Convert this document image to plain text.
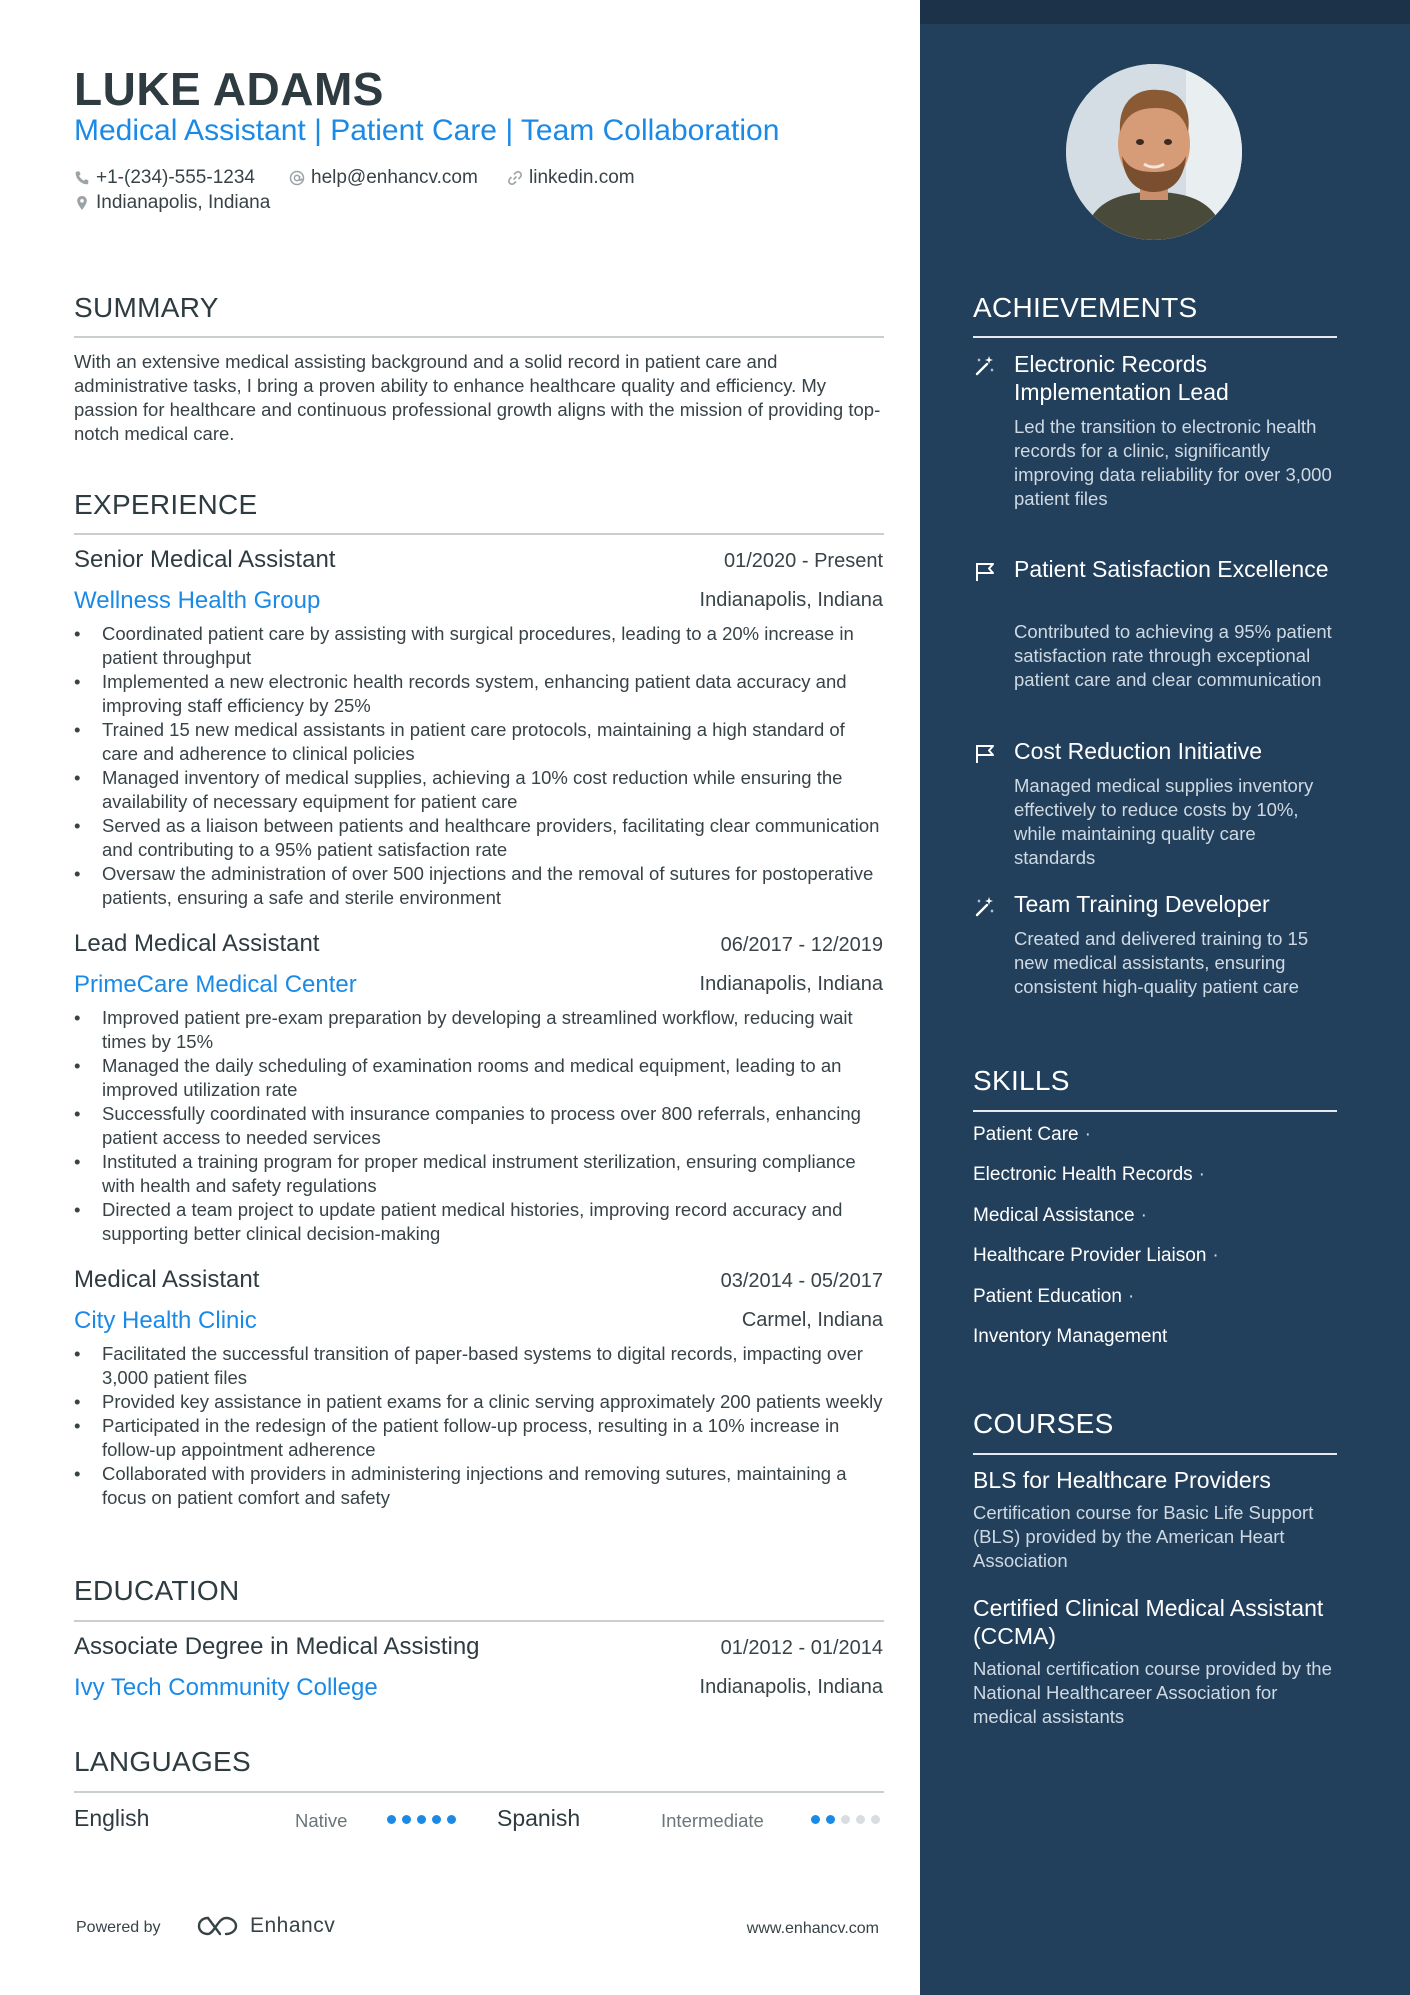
LUKE ADAMS
Medical Assistant | Patient Care | Team Collaboration
+1-(234)-555-1234	help@enhancv.com	linkedin.com
Indianapolis, Indiana
SUMMARY
With an extensive medical assisting background and a solid record in patient care and administrative tasks, I bring a proven ability to enhance healthcare quality and efficiency. My passion for healthcare and continuous professional growth aligns with the mission of providing top-notch medical care.
EXPERIENCE
Senior Medical Assistant	01/2020 - Present
Wellness Health Group	Indianapolis, Indiana
• Coordinated patient care by assisting with surgical procedures, leading to a 20% increase in patient throughput
• Implemented a new electronic health records system, enhancing patient data accuracy and improving staff efficiency by 25%
• Trained 15 new medical assistants in patient care protocols, maintaining a high standard of care and adherence to clinical policies
• Managed inventory of medical supplies, achieving a 10% cost reduction while ensuring the availability of necessary equipment for patient care
• Served as a liaison between patients and healthcare providers, facilitating clear communication and contributing to a 95% patient satisfaction rate
• Oversaw the administration of over 500 injections and the removal of sutures for postoperative patients, ensuring a safe and sterile environment
Lead Medical Assistant	06/2017 - 12/2019
PrimeCare Medical Center	Indianapolis, Indiana
• Improved patient pre-exam preparation by developing a streamlined workflow, reducing wait times by 15%
• Managed the daily scheduling of examination rooms and medical equipment, leading to an improved utilization rate
• Successfully coordinated with insurance companies to process over 800 referrals, enhancing patient access to needed services
• Instituted a training program for proper medical instrument sterilization, ensuring compliance with health and safety regulations
• Directed a team project to update patient medical histories, improving record accuracy and supporting better clinical decision-making
Medical Assistant	03/2014 - 05/2017
City Health Clinic	Carmel, Indiana
• Facilitated the successful transition of paper-based systems to digital records, impacting over 3,000 patient files
• Provided key assistance in patient exams for a clinic serving approximately 200 patients weekly
• Participated in the redesign of the patient follow-up process, resulting in a 10% increase in follow-up appointment adherence
• Collaborated with providers in administering injections and removing sutures, maintaining a focus on patient comfort and safety
EDUCATION
Associate Degree in Medical Assisting	01/2012 - 01/2014
Ivy Tech Community College	Indianapolis, Indiana
LANGUAGES
English	Native	Spanish	Intermediate
Powered by	Enhancv	www.enhancv.com
ACHIEVEMENTS
Electronic Records Implementation Lead
Led the transition to electronic health records for a clinic, significantly improving data reliability for over 3,000 patient files
Patient Satisfaction Excellence
Contributed to achieving a 95% patient satisfaction rate through exceptional patient care and clear communication
Cost Reduction Initiative
Managed medical supplies inventory effectively to reduce costs by 10%, while maintaining quality care standards
Team Training Developer
Created and delivered training to 15 new medical assistants, ensuring consistent high-quality patient care
SKILLS
Patient Care ·
Electronic Health Records ·
Medical Assistance ·
Healthcare Provider Liaison ·
Patient Education ·
Inventory Management
COURSES
BLS for Healthcare Providers
Certification course for Basic Life Support (BLS) provided by the American Heart Association
Certified Clinical Medical Assistant (CCMA)
National certification course provided by the National Healthcareer Association for medical assistants
